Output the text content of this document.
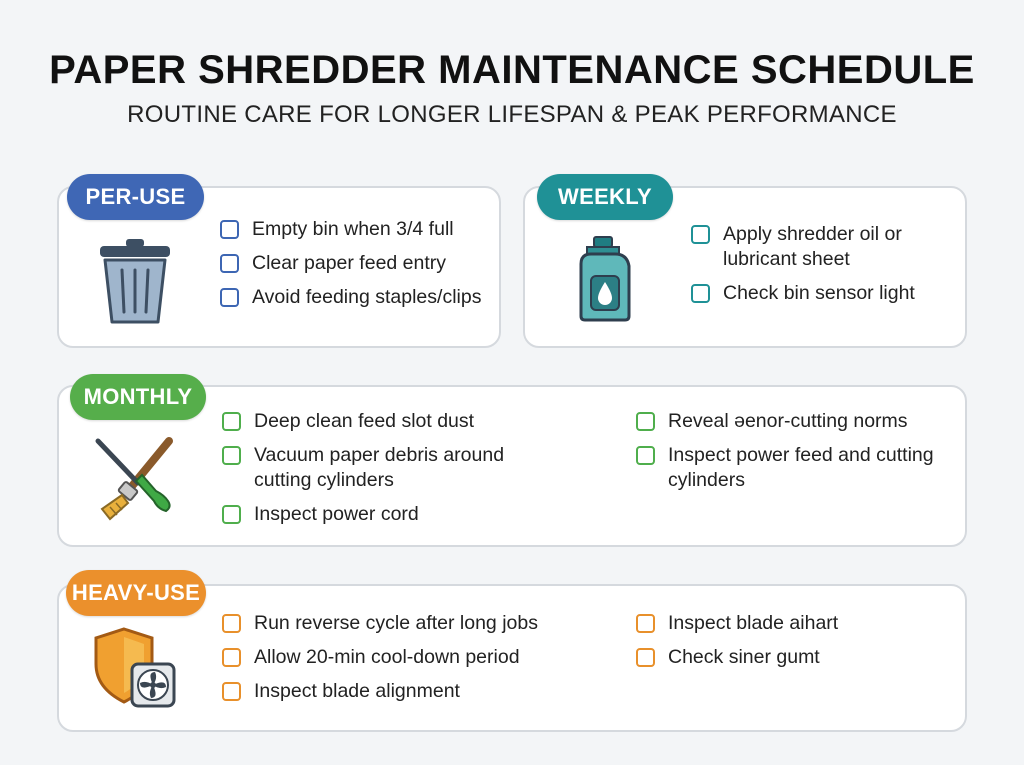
PAPER SHREDDER MAINTENANCE SCHEDULE
ROUTINE CARE FOR LONGER LIFESPAN & PEAK PERFORMANCE
PER-USE
Empty bin when 3/4 full
Clear paper feed entry
Avoid feeding staples/clips
WEEKLY
Apply shredder oil or lubricant sheet
Check bin sensor light
MONTHLY
Deep clean feed slot dust
Vacuum paper debris around cutting cylinders
Inspect power cord
Reveal əenor-cutting norms
Inspect power feed and cutting cylinders
HEAVY-USE
Run reverse cycle after long jobs
Allow 20-min cool-down period
Inspect blade alignment
Inspect blade aihart
Check siner gumt
